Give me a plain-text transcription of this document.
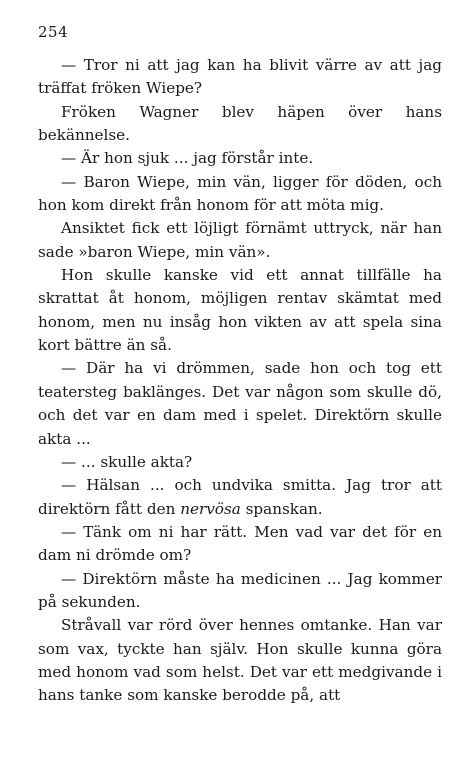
254

— Tror ni att jag kan ha blivit värre av att jag träffat fröken Wiepe?

Fröken Wagner blev häpen över hans bekännelse.

— Är hon sjuk ... jag förstår inte.

— Baron Wiepe, min vän, ligger för döden, och hon kom direkt från honom för att möta mig.

Ansiktet fick ett löjligt förnämt uttryck, när han sade »baron Wiepe, min vän».

Hon skulle kanske vid ett annat tillfälle ha skrattat åt honom, möjligen rentav skämtat med honom, men nu insåg hon vikten av att spela sina kort bättre än så.

— Där ha vi drömmen, sade hon och tog ett teatersteg baklänges. Det var någon som skulle dö, och det var en dam med i spelet. Direktörn skulle akta ...

— ... skulle akta?

— Hälsan ... och undvika smitta. Jag tror att direktörn fått den nervösa spanskan.

— Tänk om ni har rätt. Men vad var det för en dam ni drömde om?

— Direktörn måste ha medicinen ... Jag kommer på sekunden.

Stråvall var rörd över hennes omtanke. Han var som vax, tyckte han själv. Hon skulle kunna göra med honom vad som helst. Det var ett medgivande i hans tanke som kanske berodde på, att
